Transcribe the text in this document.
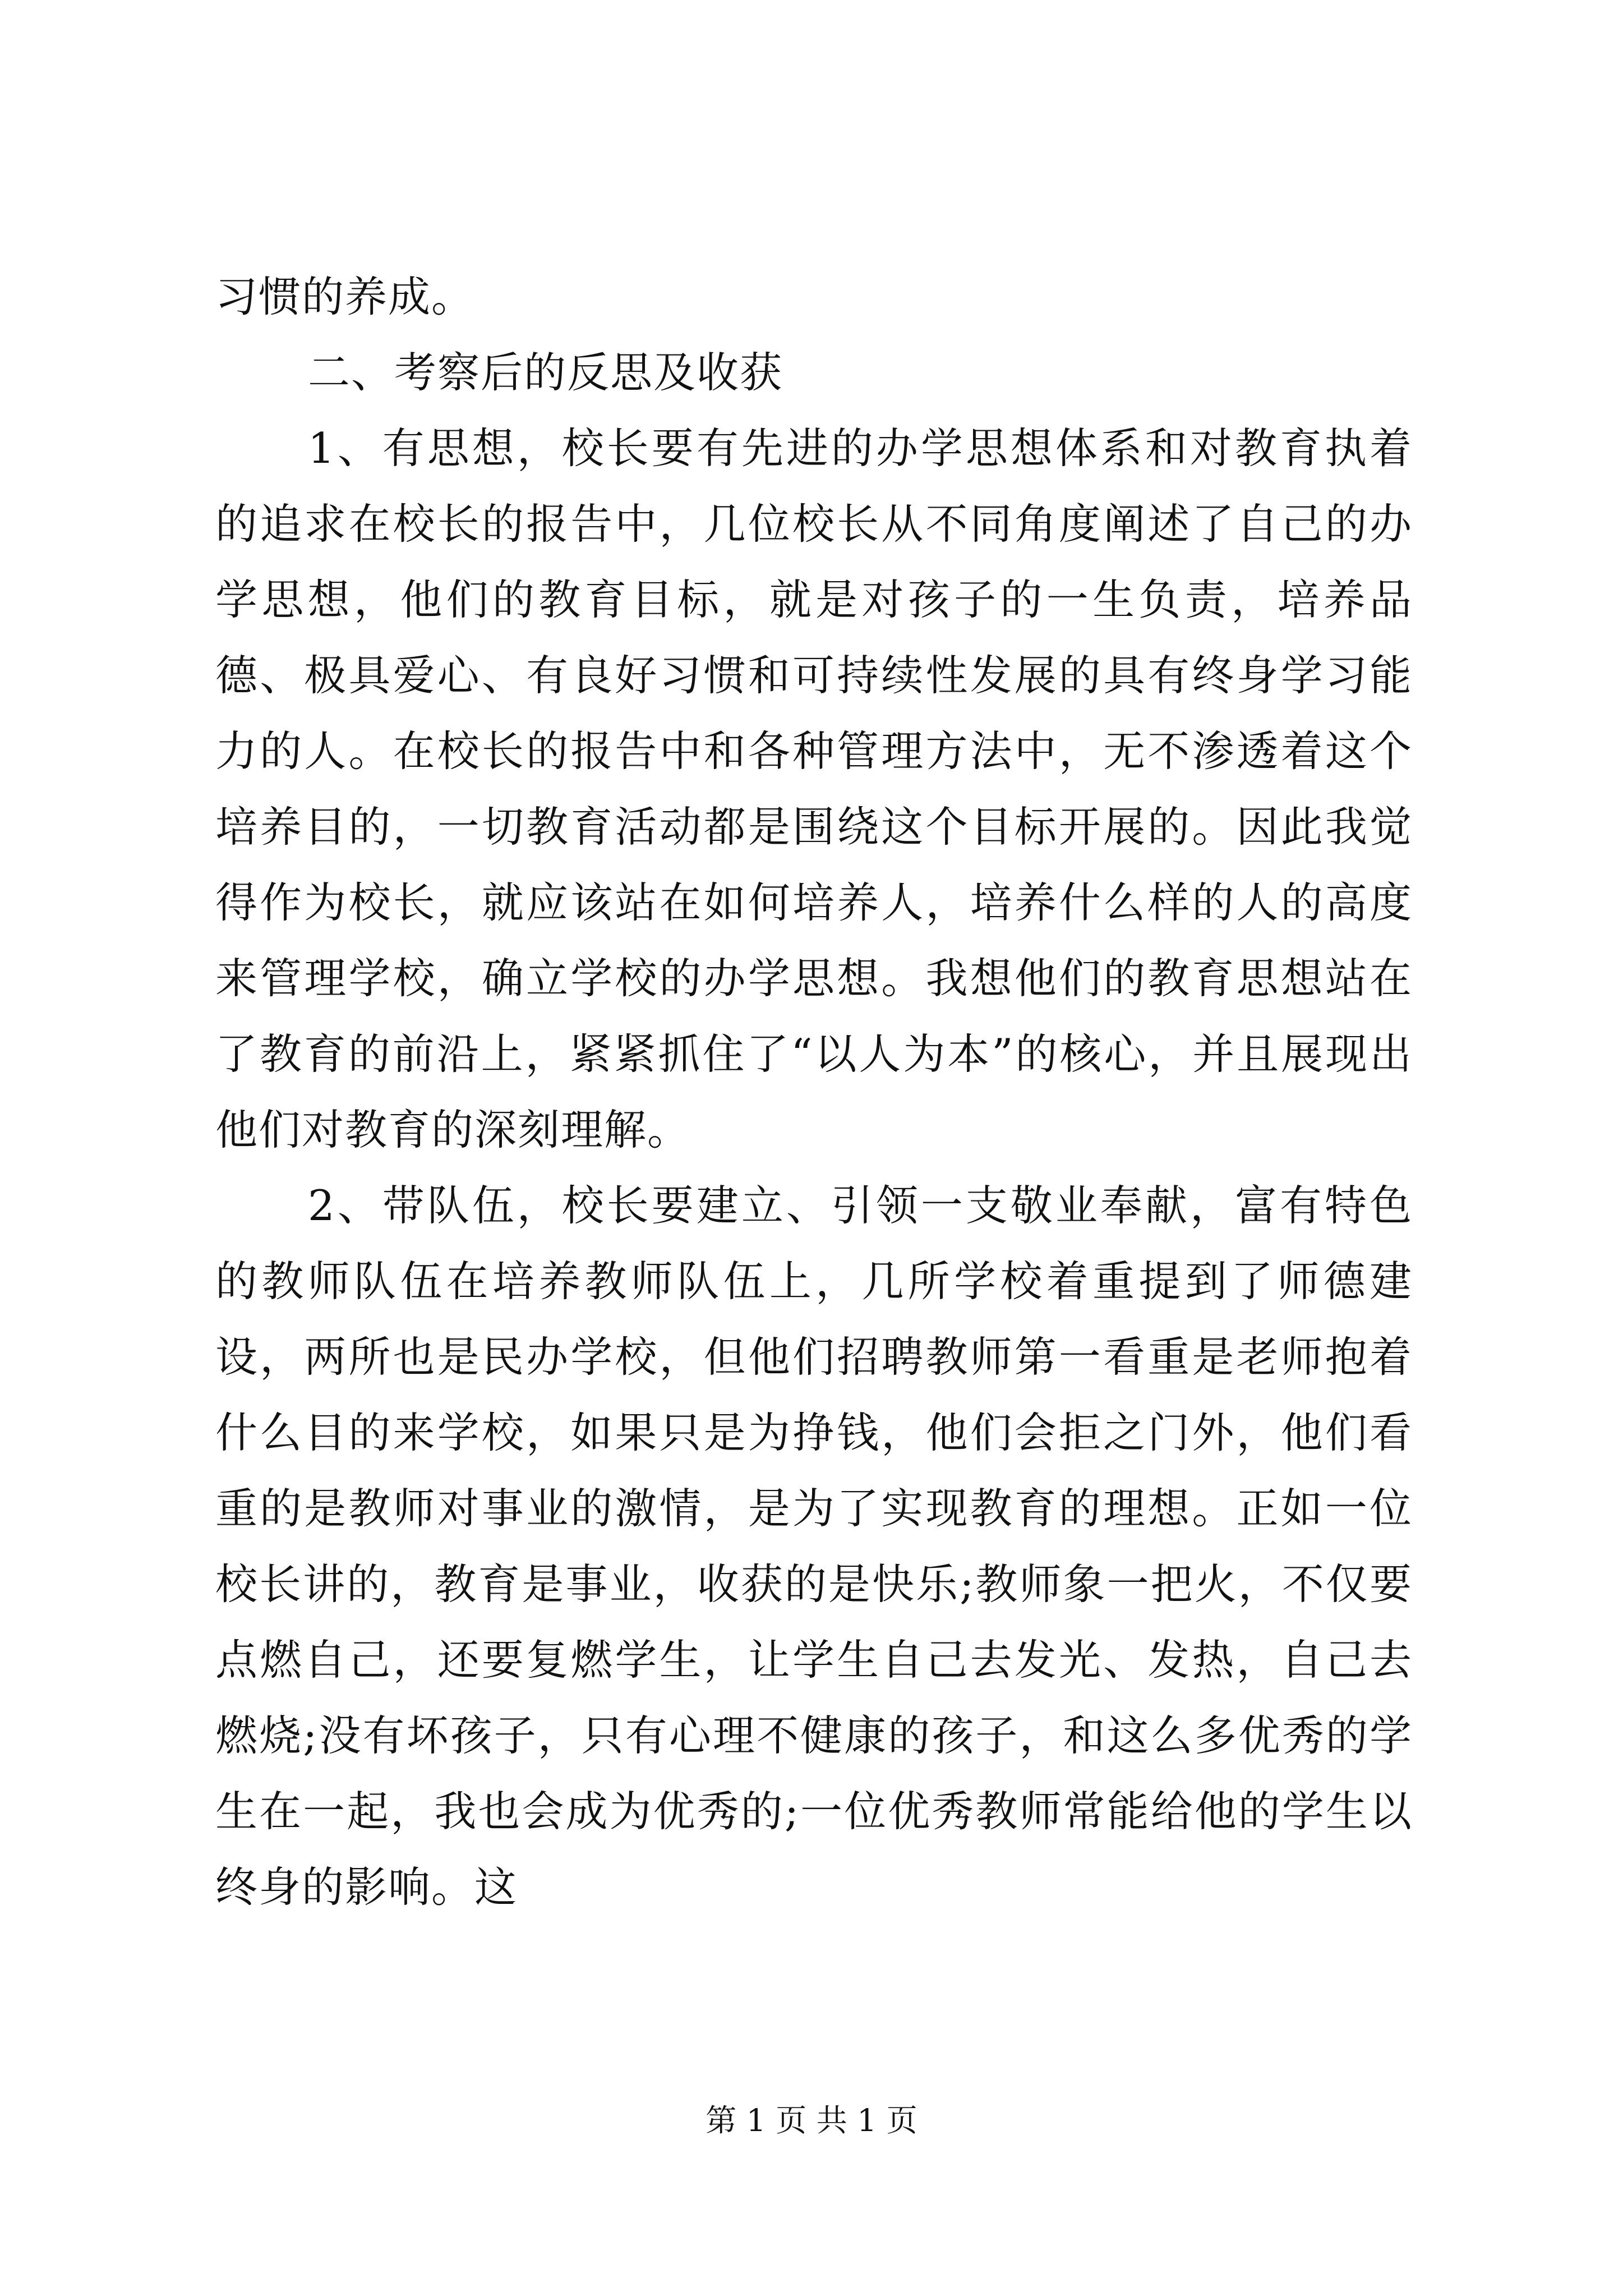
习惯的养成。

二、考察后的反思及收获

1、有思想，校长要有先进的办学思想体系和对教育执着的追求在校长的报告中，几位校长从不同角度阐述了自己的办学思想，他们的教育目标，就是对孩子的一生负责，培养品德、极具爱心、有良好习惯和可持续性发展的具有终身学习能力的人。在校长的报告中和各种管理方法中，无不渗透着这个培养目的，一切教育活动都是围绕这个目标开展的。因此我觉得作为校长，就应该站在如何培养人，培养什么样的人的高度来管理学校，确立学校的办学思想。我想他们的教育思想站在了教育的前沿上，紧紧抓住了“以人为本”的核心，并且展现出他们对教育的深刻理解。

2、带队伍，校长要建立、引领一支敬业奉献，富有特色的教师队伍在培养教师队伍上，几所学校着重提到了师德建设，两所也是民办学校，但他们招聘教师第一看重是老师抱着什么目的来学校，如果只是为挣钱，他们会拒之门外，他们看重的是教师对事业的激情，是为了实现教育的理想。正如一位校长讲的，教育是事业，收获的是快乐;教师象一把火，不仅要点燃自己，还要复燃学生，让学生自己去发光、发热，自己去燃烧;没有坏孩子，只有心理不健康的孩子，和这么多优秀的学生在一起，我也会成为优秀的;一位优秀教师常能给他的学生以终身的影响。这

第 1 页 共 1 页
